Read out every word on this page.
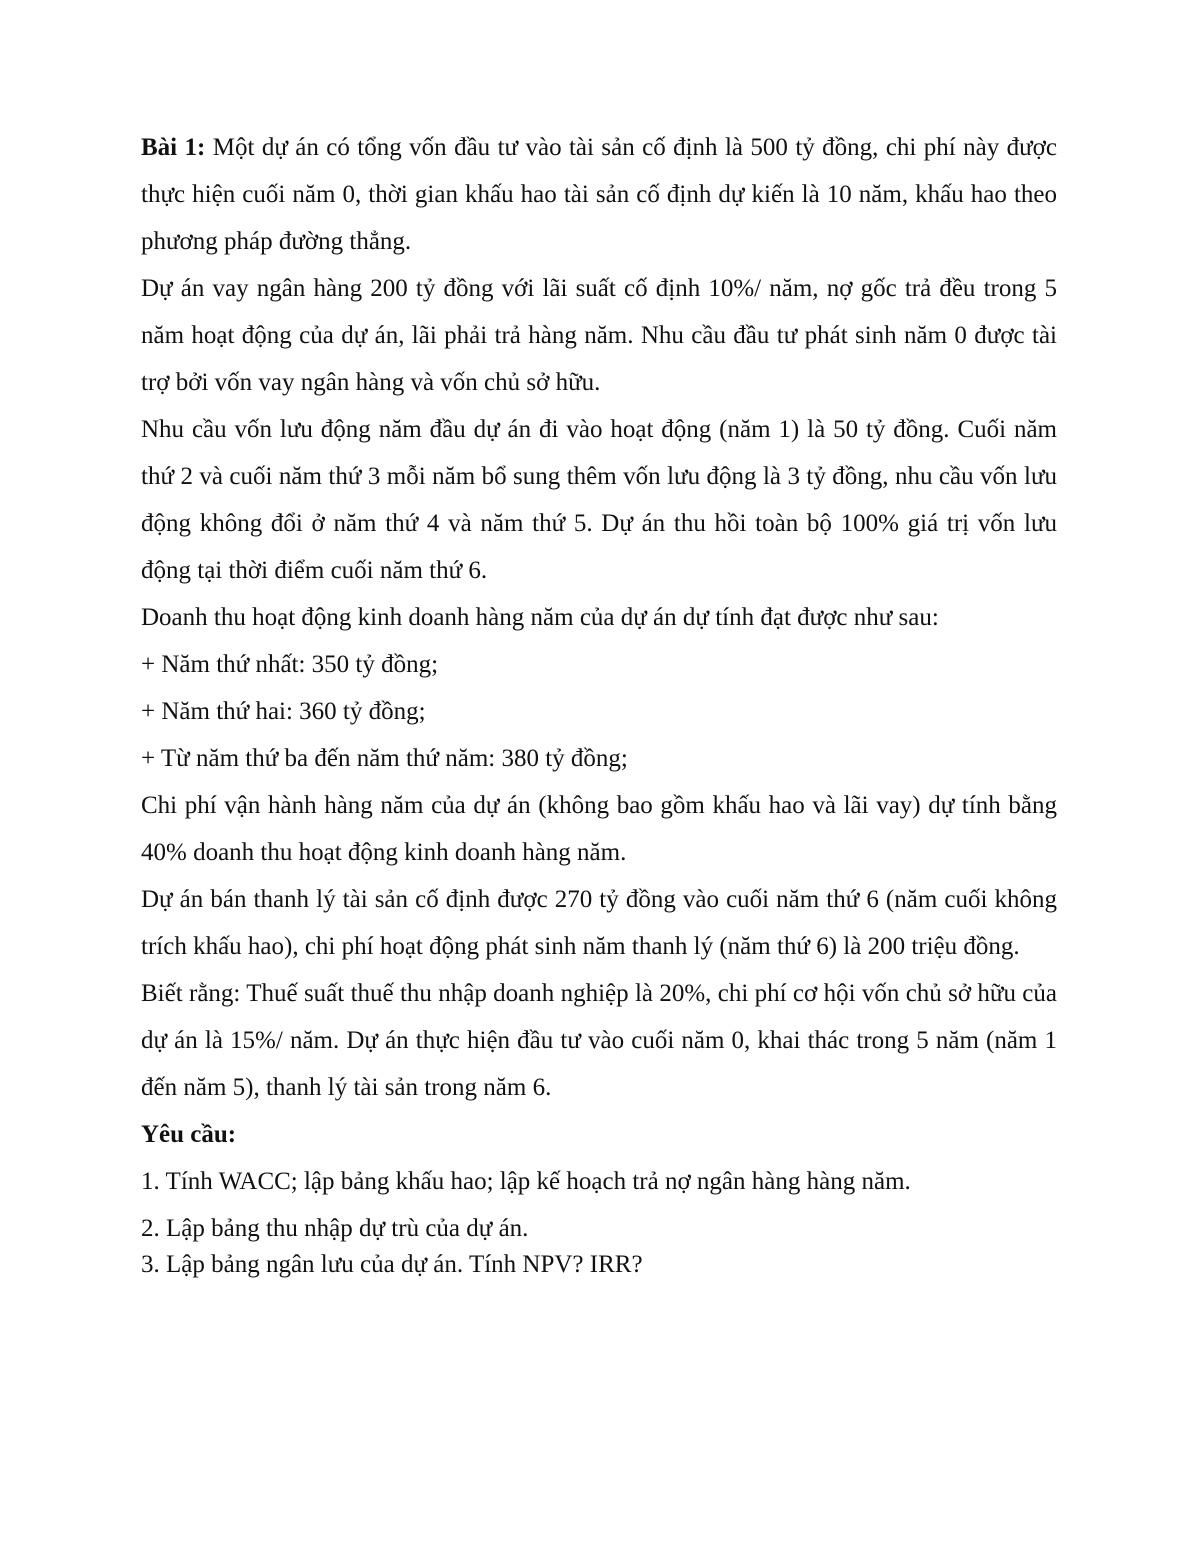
Bài 1: Một dự án có tổng vốn đầu tư vào tài sản cố định là 500 tỷ đồng, chi phí này được thực hiện cuối năm 0, thời gian khấu hao tài sản cố định dự kiến là 10 năm, khấu hao theo phương pháp đường thẳng.

Dự án vay ngân hàng 200 tỷ đồng với lãi suất cố định 10%/ năm, nợ gốc trả đều trong 5 năm hoạt động của dự án, lãi phải trả hàng năm. Nhu cầu đầu tư phát sinh năm 0 được tài trợ bởi vốn vay ngân hàng và vốn chủ sở hữu.

Nhu cầu vốn lưu động năm đầu dự án đi vào hoạt động (năm 1) là 50 tỷ đồng. Cuối năm thứ 2 và cuối năm thứ 3 mỗi năm bổ sung thêm vốn lưu động là 3 tỷ đồng, nhu cầu vốn lưu động không đổi ở năm thứ 4 và năm thứ 5. Dự án thu hồi toàn bộ 100% giá trị vốn lưu động tại thời điểm cuối năm thứ 6.

Doanh thu hoạt động kinh doanh hàng năm của dự án dự tính đạt được như sau:

+ Năm thứ nhất: 350 tỷ đồng;

+ Năm thứ hai: 360 tỷ đồng;

+ Từ năm thứ ba đến năm thứ năm: 380 tỷ đồng;

Chi phí vận hành hàng năm của dự án (không bao gồm khấu hao và lãi vay) dự tính bằng 40% doanh thu hoạt động kinh doanh hàng năm.

Dự án bán thanh lý tài sản cố định được 270 tỷ đồng vào cuối năm thứ 6 (năm cuối không trích khấu hao), chi phí hoạt động phát sinh năm thanh lý (năm thứ 6) là 200 triệu đồng.

Biết rằng: Thuế suất thuế thu nhập doanh nghiệp là 20%, chi phí cơ hội vốn chủ sở hữu của dự án là 15%/ năm. Dự án thực hiện đầu tư vào cuối năm 0, khai thác trong 5 năm (năm 1 đến năm 5), thanh lý tài sản trong năm 6.

Yêu cầu:

1. Tính WACC; lập bảng khấu hao; lập kế hoạch trả nợ ngân hàng hàng năm.

2. Lập bảng thu nhập dự trù của dự án.

3. Lập bảng ngân lưu của dự án. Tính NPV? IRR?
